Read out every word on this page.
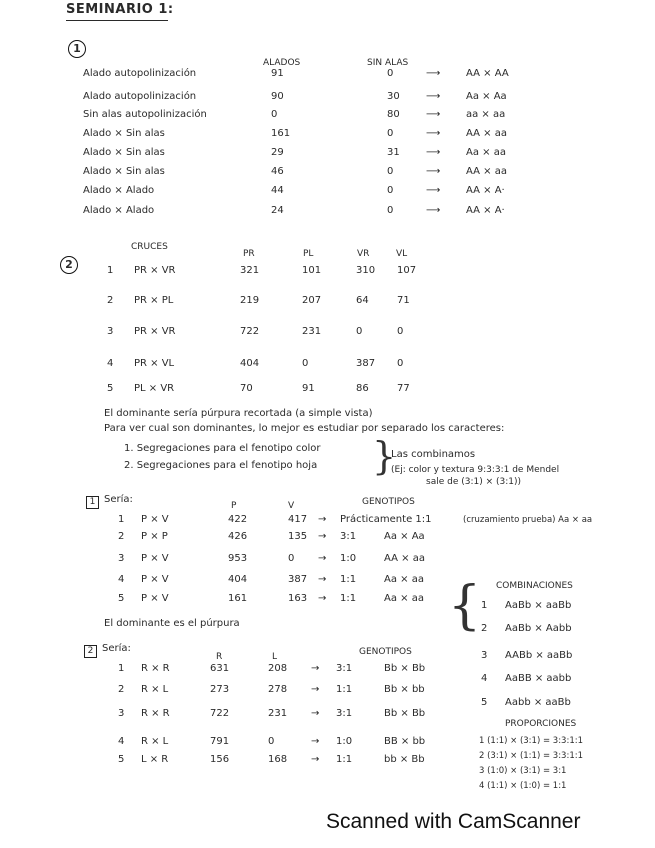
SEMINARIO 1:
1
ALADOS	SIN ALAS
Alado autopolinización	91	0	⟶	AA × AA
Alado autopolinización	90	30	⟶	Aa × Aa
Sin alas autopolinización	0	80	⟶	aa × aa
Alado × Sin alas	161	0	⟶	AA × aa
Alado × Sin alas	29	31	⟶	Aa × aa
Alado × Sin alas	46	0	⟶	AA × aa
Alado × Alado	44	0	⟶	AA × A·
Alado × Alado	24	0	⟶	AA × A·
2
CRUCES
PR	PL	VR	VL
1 PR × VR	321	101	310 107
2 PR × PL	219	207	64	71
3 PR × VR	722	231	0	0
4 PR × VL	404	0	387 0
5 PL × VR	70	91	86	77
El dominante sería púrpura recortada (a simple vista)
Para ver cual son dominantes, lo mejor es estudiar por separado los caracteres:
1. Segregaciones para el fenotipo color
2. Segregaciones para el fenotipo hoja }
Las combinamos
(Ej: color y textura 9:3:3:1 de Mendel
sale de (3:1) × (3:1))
1 Sería:
P	V	GENOTIPOS
1 P × V	422	417 → Prácticamente 1:1	(cruzamiento prueba) Aa × aa
2 P × P	426	135 → 3:1	Aa × Aa
3 P × V	953	0 → 1:0	AA × aa
4 P × V	404	387 → 1:1	Aa × aa
5 P × V	161	163 → 1:1	Aa × aa
El dominante es el púrpura	{ COMBINACIONES
1 AaBb × aaBb
2 AaBb × Aabb
3 AABb × aaBb
4 AaBB × aabb
5 Aabb × aaBb
2 Sería:
R	L	GENOTIPOS
1 R × R	631	208 → 3:1	Bb × Bb
2 R × L	273	278 → 1:1	Bb × bb
3 R × R	722	231 → 3:1	Bb × Bb
4 R × L	791	0	→ 1:0	BB × bb
5 L × R	156	168 → 1:1	bb × Bb
PROPORCIONES
1 (1:1) × (3:1) = 3:3:1:1
2 (3:1) × (1:1) = 3:3:1:1
3 (1:0) × (3:1) = 3:1
4 (1:1) × (1:0) = 1:1
Scanned with CamScanner
